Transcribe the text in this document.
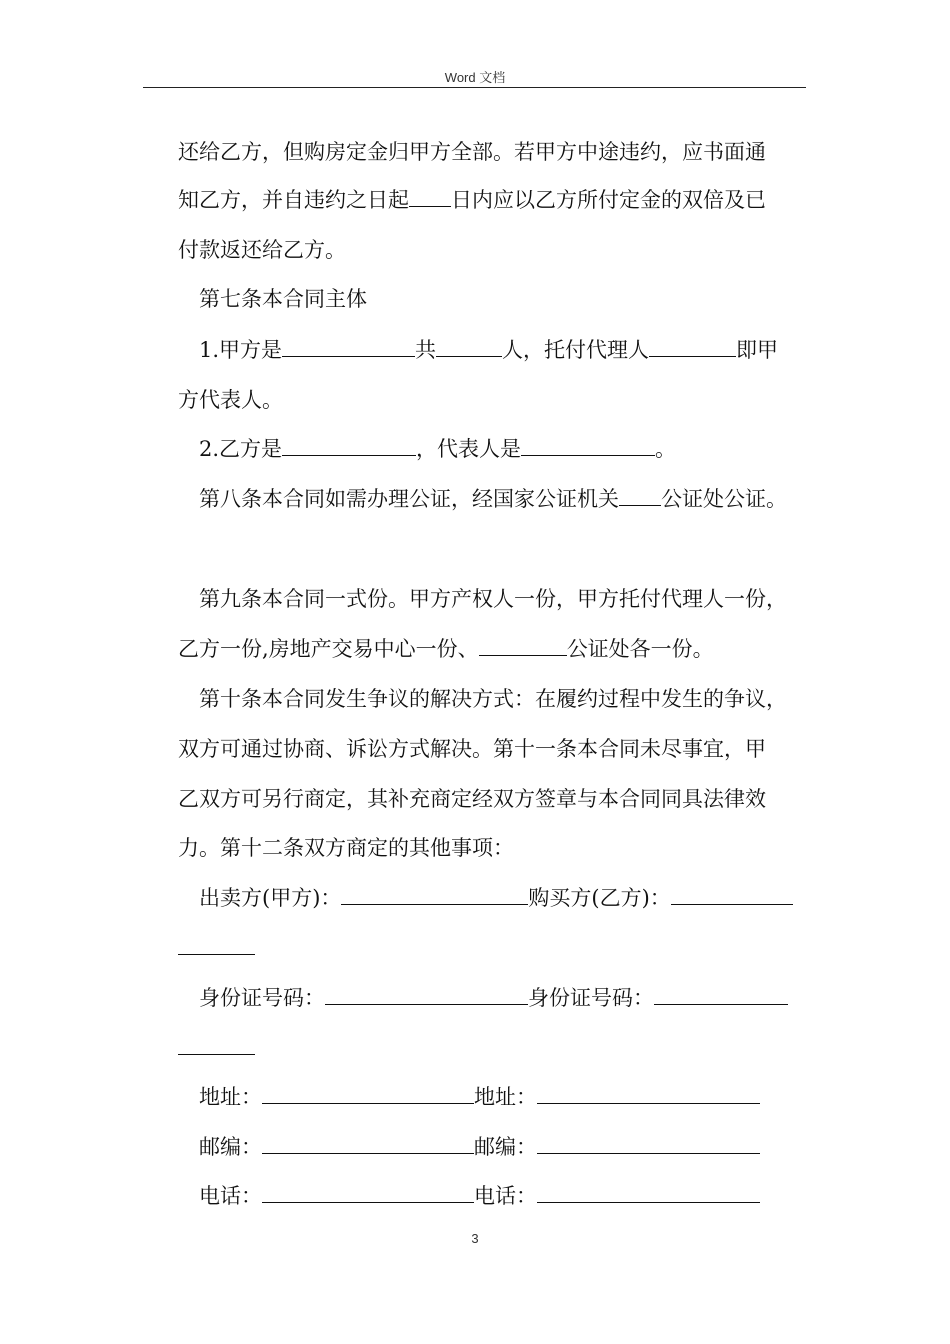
Word 文档
还给乙方，但购房定金归甲方全部。若甲方中途违约，应书面通
知乙方，并自违约之日起 日内应以乙方所付定金的双倍及已
付款返还给乙方。
第七条本合同主体
1.甲方是	共	人，托付代理人	即甲
方代表人。
2.乙方是	，代表人是	。
第八条本合同如需办理公证，经国家公证机关 公证处公证。
第九条本合同一式份。甲方产权人一份，甲方托付代理人一份，
乙方一份,房地产交易中心一份、	公证处各一份。
第十条本合同发生争议的解决方式：在履约过程中发生的争议，
双方可通过协商、诉讼方式解决。第十一条本合同未尽事宜，甲
乙双方可另行商定，其补充商定经双方签章与本合同同具法律效
力。第十二条双方商定的其他事项：
出卖方(甲方)：	购买方(乙方)：
身份证号码：	身份证号码：
地址：	地址：
邮编：	邮编：
电话：	电话：
3
